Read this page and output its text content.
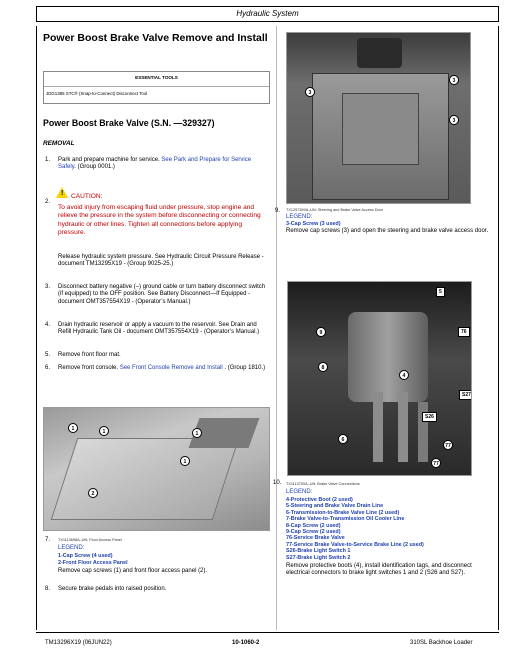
Hydraulic System
Power Boost Brake Valve Remove and Install
ESSENTIAL TOOLS
JDG1385 STC® (Snap-to-Connect) Disconnect Tool
Power Boost Brake Valve (S.N. —329327)
REMOVAL
1. Park and prepare machine for service. See Park and Prepare for Service Safely. (Group 0001.)
2.
! CAUTION:
To avoid injury from escaping fluid under pressure, stop engine and relieve the pressure in the system before disconnecting or connecting hydraulic or other lines. Tighten all connections before applying pressure.
Release hydraulic system pressure. See Hydraulic Circuit Pressure Release - document TM13295X19 - (Group 9025-25.)
3. Disconnect battery negative (–) ground cable or turn battery disconnect switch (if equipped) to the OFF position. See Battery Disconnect—If Equipped - document OMT357554X19 - (Operator’s Manual.)
4. Drain hydraulic reservoir or apply a vacuum to the reservoir. See Drain and Refill Hydraulic Tank Oil - document OMT357554X19 - (Operator’s Manual.)
5. Remove front floor mat.
6. Remove front console. See Front Console Remove and Install . (Group 1810.)
1	1	1
1
2
7. TX1113698A–UN: Floor Access Panel
LEGEND:
1-Cap Screw (4 used)
2-Front Floor Access Panel
Remove cap screws (1) and front floor access panel (2).
8. Secure brake pedals into raised position.
3
3
3
9. TX1257359A–UN: Steering and Brake Valve Access Door
LEGEND:
3-Cap Screw (3 used)
Remove cap screws (3) and open the steering and brake valve access door.
5
9	76
8
4
S27
S26
6
77
77
10. TX1113700A–UN: Brake Valve Connections
LEGEND:
4-Protective Boot (2 used)
5-Steering and Brake Valve Drain Line
6-Transmission-to-Brake Valve Line (2 used)
7-Brake Valve-to-Transmission Oil Cooler Line
8-Cap Screw (2 used)
9-Cap Screw (2 used)
76-Service Brake Valve
77-Service Brake Valve-to-Service Brake Line (2 used)
S26-Brake Light Switch 1
S27-Brake Light Switch 2
Remove protective boots (4), install identification tags, and disconnect electrical connectors to brake light switches 1 and 2 (S26 and S27).
TM13296X19 (06JUN22)	10-1060-2	310SL Backhoe Loader
